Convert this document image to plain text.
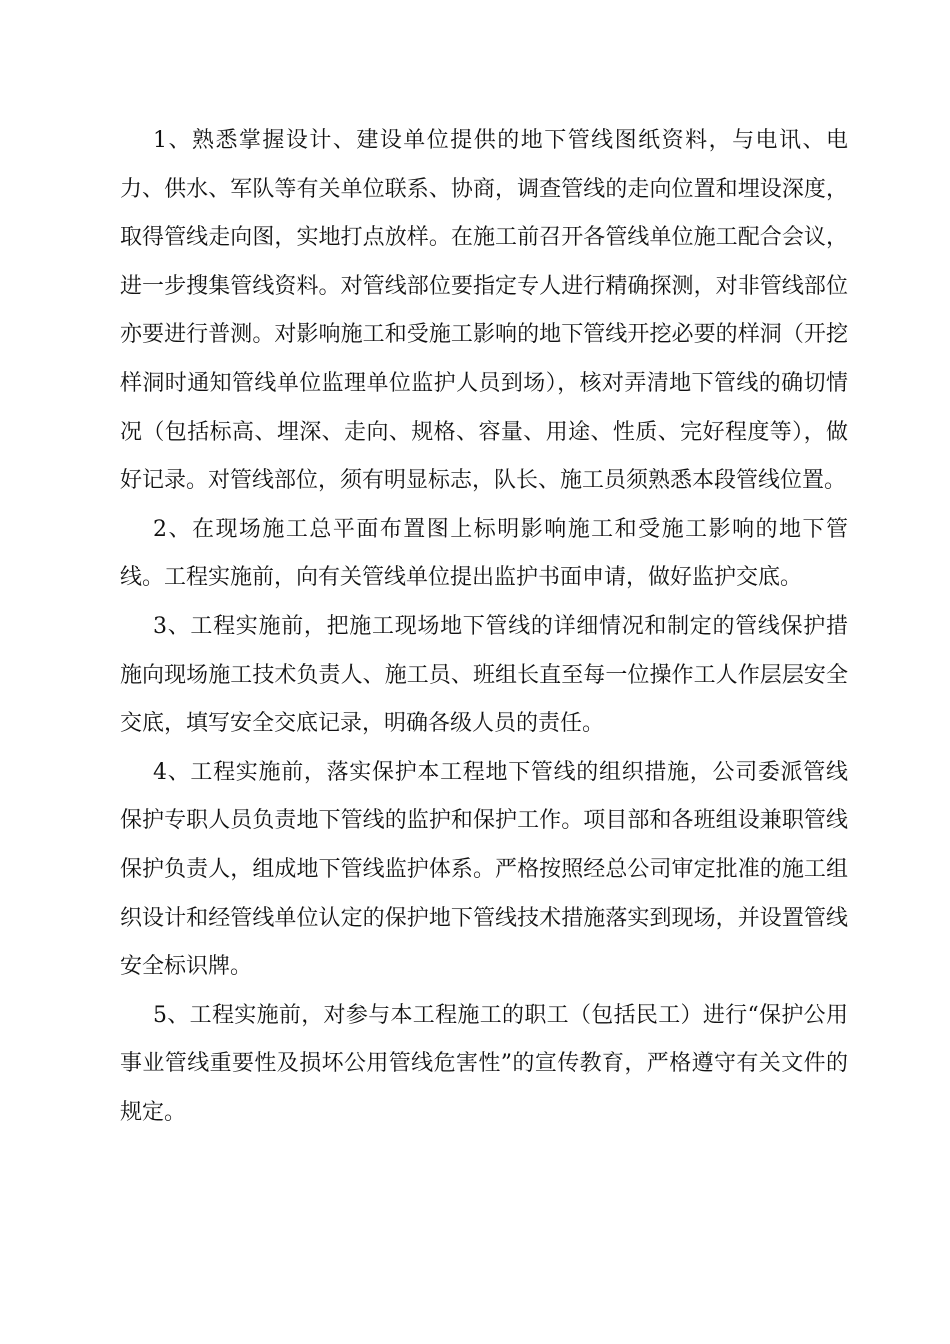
1、熟悉掌握设计、建设单位提供的地下管线图纸资料，与电讯、电力、供水、军队等有关单位联系、协商，调查管线的走向位置和埋设深度，取得管线走向图，实地打点放样。在施工前召开各管线单位施工配合会议，进一步搜集管线资料。对管线部位要指定专人进行精确探测，对非管线部位亦要进行普测。对影响施工和受施工影响的地下管线开挖必要的样洞（开挖样洞时通知管线单位监理单位监护人员到场），核对弄清地下管线的确切情况（包括标高、埋深、走向、规格、容量、用途、性质、完好程度等），做好记录。对管线部位，须有明显标志，队长、施工员须熟悉本段管线位置。

2、在现场施工总平面布置图上标明影响施工和受施工影响的地下管线。工程实施前，向有关管线单位提出监护书面申请，做好监护交底。

3、工程实施前，把施工现场地下管线的详细情况和制定的管线保护措施向现场施工技术负责人、施工员、班组长直至每一位操作工人作层层安全交底，填写安全交底记录，明确各级人员的责任。

4、工程实施前，落实保护本工程地下管线的组织措施，公司委派管线保护专职人员负责地下管线的监护和保护工作。项目部和各班组设兼职管线保护负责人，组成地下管线监护体系。严格按照经总公司审定批准的施工组织设计和经管线单位认定的保护地下管线技术措施落实到现场，并设置管线安全标识牌。

5、工程实施前，对参与本工程施工的职工（包括民工）进行“保护公用事业管线重要性及损坏公用管线危害性”的宣传教育，严格遵守有关文件的规定。
